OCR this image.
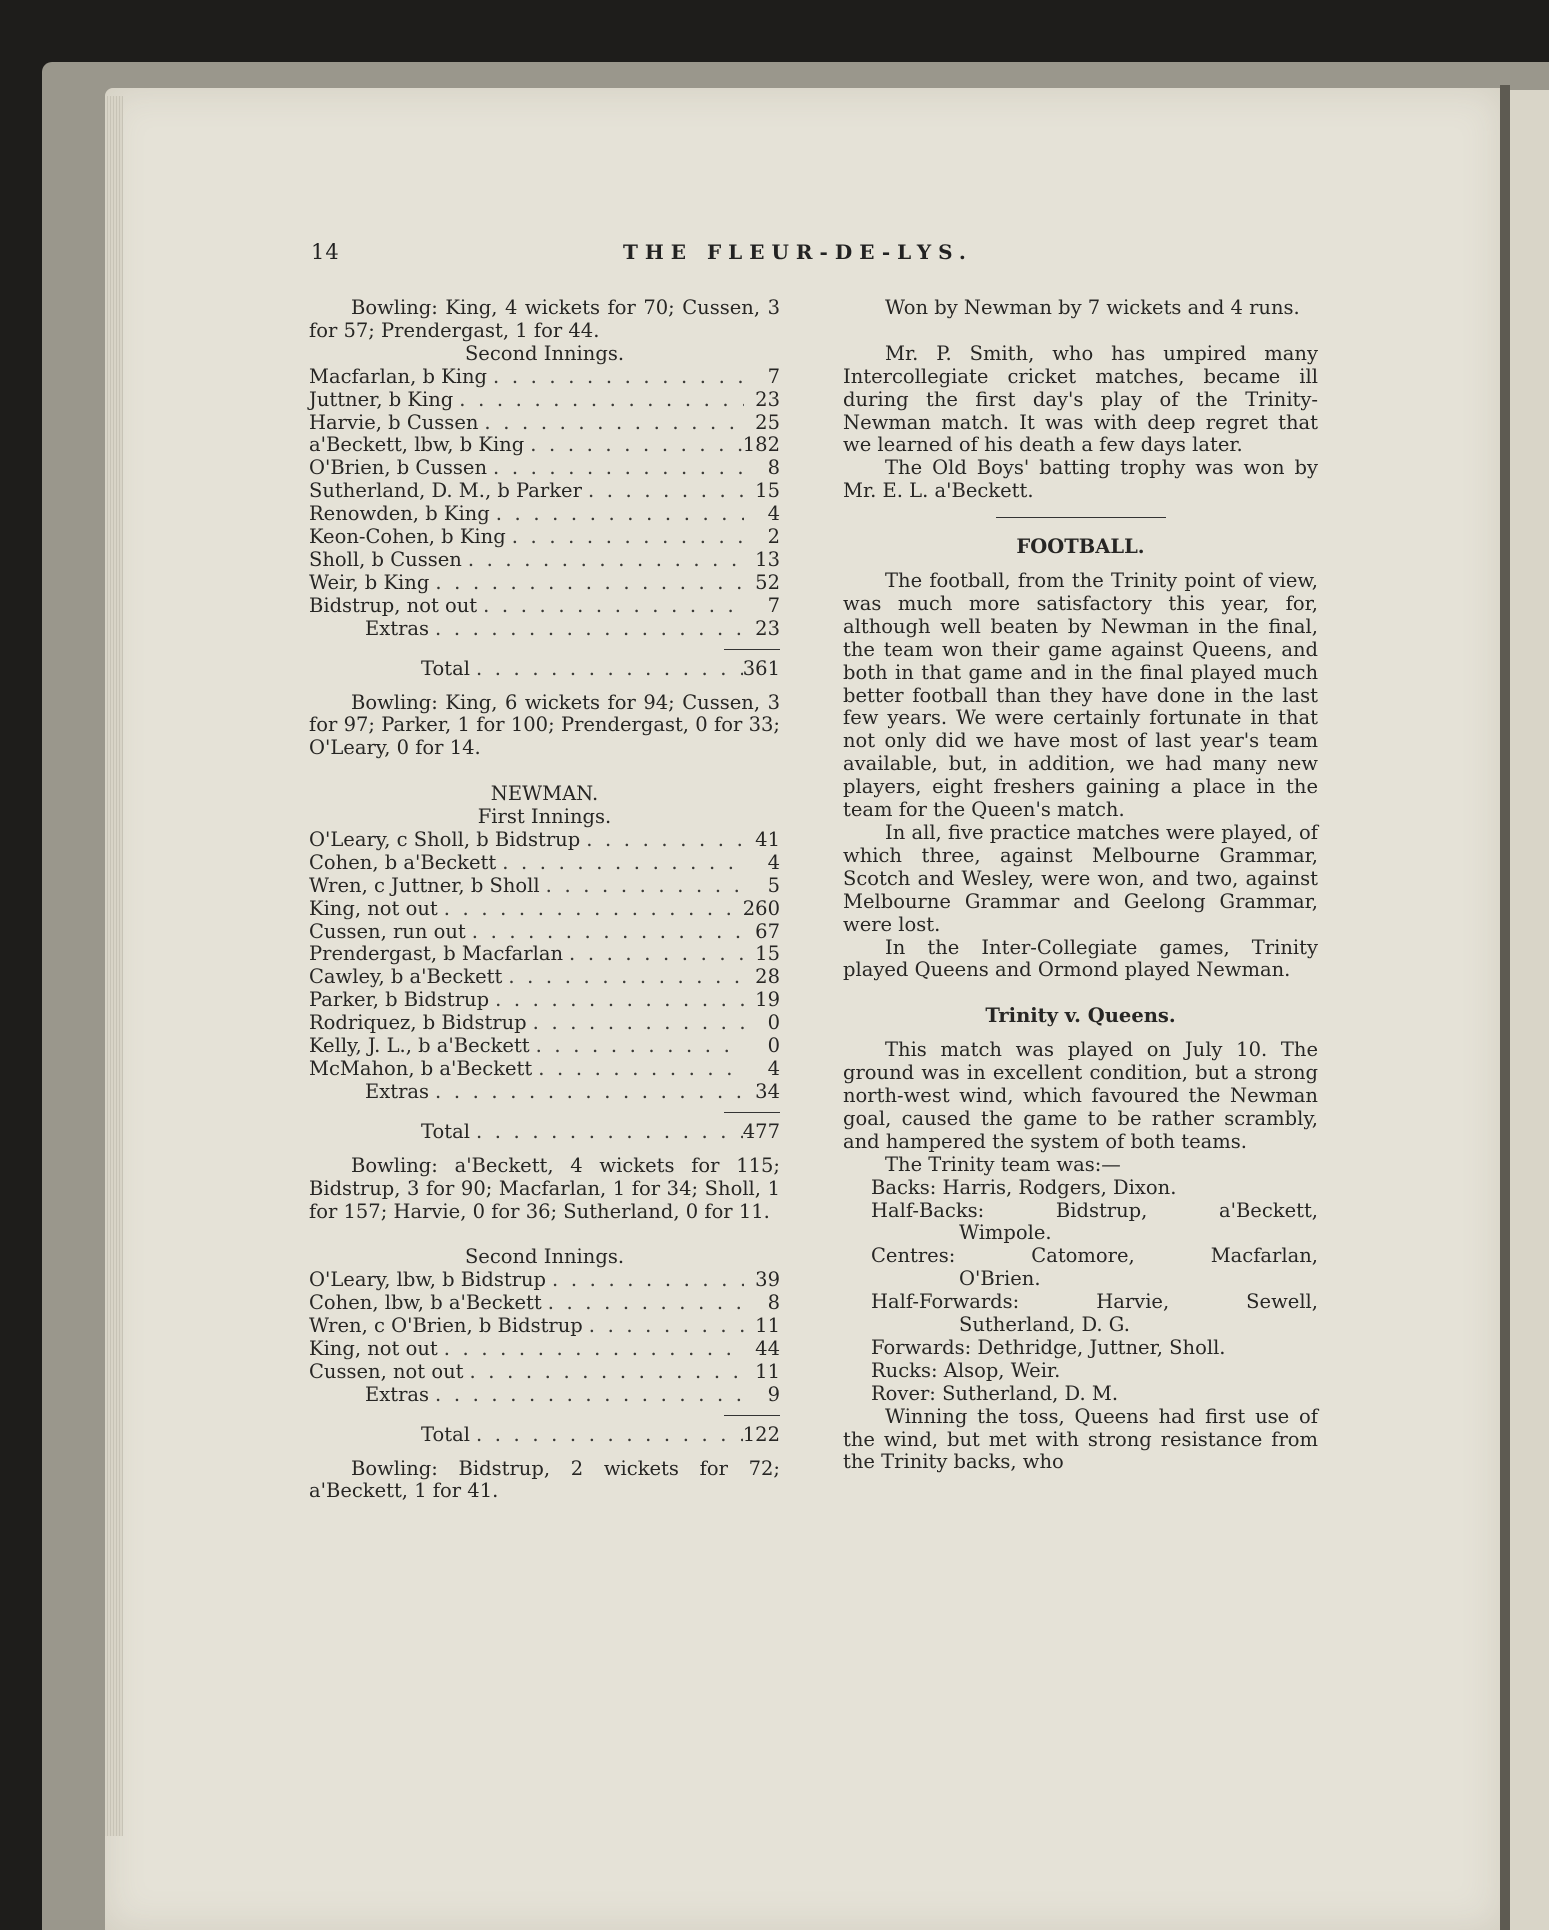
14	THE FLEUR-DE-LYS.

Bowling: King, 4 wickets for 70; Cussen, 3 for 57; Prendergast, 1 for 44.

Second Innings.

Macfarlan, b King . . .	7
Juttner, b King . . .	23
Harvie, b Cussen . . .	25
a'Beckett, lbw, b King . . .	182
O'Brien, b Cussen . . .	8
Sutherland, D. M., b Parker . . .	15
Renowden, b King . . .	4
Keon-Cohen, b King . . .	2
Sholl, b Cussen . . .	13
Weir, b King . . .	52
Bidstrup, not out . . .	7
Extras . . .	23
Total . . .	361

Bowling: King, 6 wickets for 94; Cussen, 3 for 97; Parker, 1 for 100; Prendergast, 0 for 33; O'Leary, 0 for 14.

NEWMAN.

First Innings.

O'Leary, c Sholl, b Bidstrup . . .	41
Cohen, b a'Beckett . . .	4
Wren, c Juttner, b Sholl . . .	5
King, not out . . .	260
Cussen, run out . . .	67
Prendergast, b Macfarlan . . .	15
Cawley, b a'Beckett . . .	28
Parker, b Bidstrup . . .	19
Rodriquez, b Bidstrup . . .	0
Kelly, J. L., b a'Beckett . . .	0
McMahon, b a'Beckett . . .	4
Extras . . .	34
Total . . .	477

Bowling: a'Beckett, 4 wickets for 115; Bidstrup, 3 for 90; Macfarlan, 1 for 34; Sholl, 1 for 157; Harvie, 0 for 36; Sutherland, 0 for 11.

Second Innings.

O'Leary, lbw, b Bidstrup . . .	39
Cohen, lbw, b a'Beckett . . .	8
Wren, c O'Brien, b Bidstrup . . .	11
King, not out . . .	44
Cussen, not out . . .	11
Extras . . .	9
Total . . .	122

Bowling: Bidstrup, 2 wickets for 72; a'Beckett, 1 for 41.

Won by Newman by 7 wickets and 4 runs.

Mr. P. Smith, who has umpired many Intercollegiate cricket matches, became ill during the first day's play of the Trinity-Newman match. It was with deep regret that we learned of his death a few days later.

The Old Boys' batting trophy was won by Mr. E. L. a'Beckett.

FOOTBALL.

The football, from the Trinity point of view, was much more satisfactory this year, for, although well beaten by Newman in the final, the team won their game against Queens, and both in that game and in the final played much better football than they have done in the last few years. We were certainly fortunate in that not only did we have most of last year's team available, but, in addition, we had many new players, eight freshers gaining a place in the team for the Queen's match.

In all, five practice matches were played, of which three, against Melbourne Grammar, Scotch and Wesley, were won, and two, against Melbourne Grammar and Geelong Grammar, were lost.

In the Inter-Collegiate games, Trinity played Queens and Ormond played Newman.

Trinity v. Queens.

This match was played on July 10. The ground was in excellent condition, but a strong north-west wind, which favoured the Newman goal, caused the game to be rather scrambly, and hampered the system of both teams.

The Trinity team was:—

Backs: Harris, Rodgers, Dixon.

Half-Backs: Bidstrup, a'Beckett,

Wimpole.

Centres: Catomore, Macfarlan,

O'Brien.

Half-Forwards: Harvie, Sewell,

Sutherland, D. G.

Forwards: Dethridge, Juttner, Sholl.

Rucks: Alsop, Weir.

Rover: Sutherland, D. M.

Winning the toss, Queens had first use of the wind, but met with strong resistance from the Trinity backs, who
